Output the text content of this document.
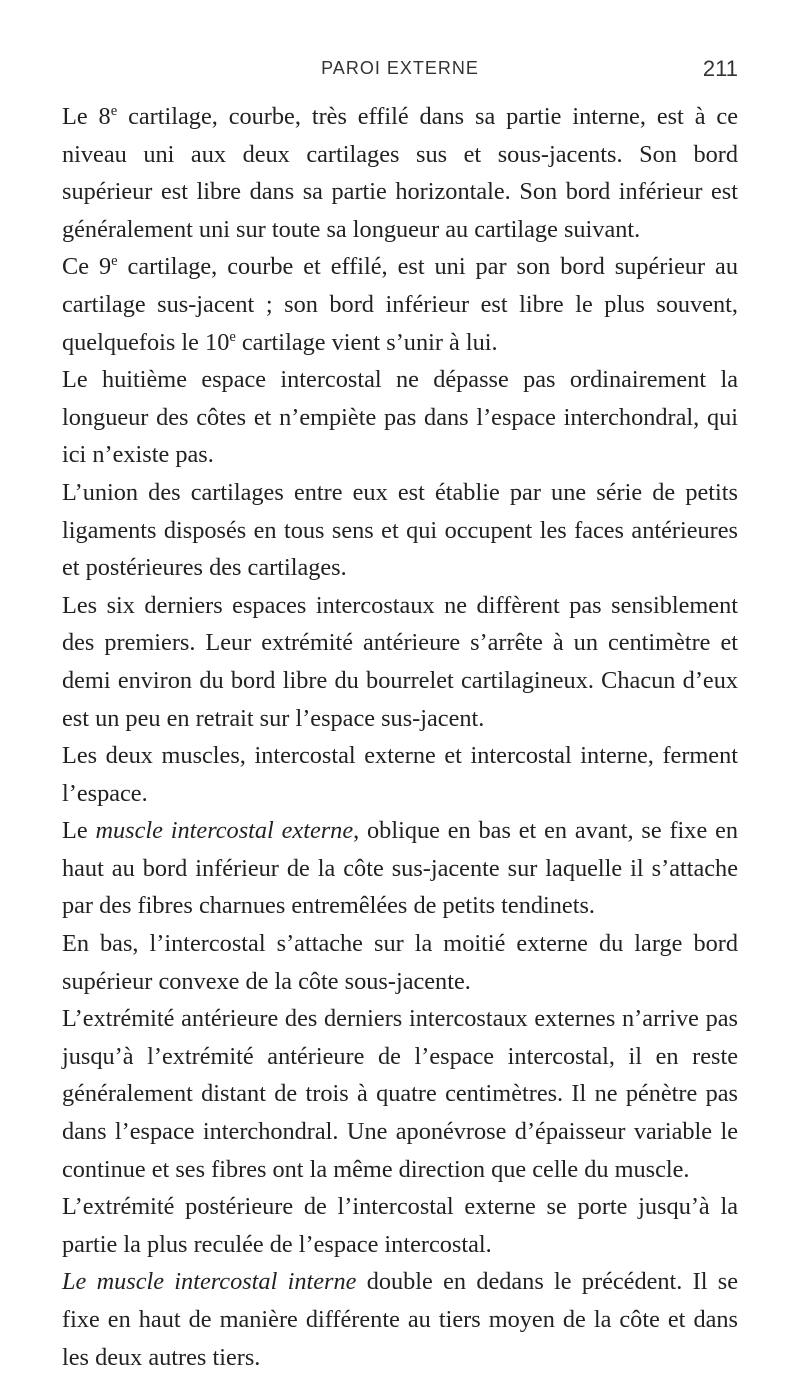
PAROI EXTERNE	211

Le 8e cartilage, courbe, très effilé dans sa partie interne, est à ce niveau uni aux deux cartilages sus et sous-jacents. Son bord supérieur est libre dans sa partie horizontale. Son bord inférieur est généralement uni sur toute sa longueur au cartilage suivant.

Ce 9e cartilage, courbe et effilé, est uni par son bord supérieur au cartilage sus-jacent ; son bord inférieur est libre le plus souvent, quelquefois le 10e cartilage vient s’unir à lui.

Le huitième espace intercostal ne dépasse pas ordinairement la longueur des côtes et n’empiète pas dans l’espace interchondral, qui ici n’existe pas.

L’union des cartilages entre eux est établie par une série de petits ligaments disposés en tous sens et qui occupent les faces antérieures et postérieures des cartilages.

Les six derniers espaces intercostaux ne diffèrent pas sensiblement des premiers. Leur extrémité antérieure s’arrête à un centimètre et demi environ du bord libre du bourrelet cartilagineux. Chacun d’eux est un peu en retrait sur l’espace sus-jacent.

Les deux muscles, intercostal externe et intercostal interne, ferment l’espace.

Le muscle intercostal externe, oblique en bas et en avant, se fixe en haut au bord inférieur de la côte sus-jacente sur laquelle il s’attache par des fibres charnues entremêlées de petits tendinets.

En bas, l’intercostal s’attache sur la moitié externe du large bord supérieur convexe de la côte sous-jacente.

L’extrémité antérieure des derniers intercostaux externes n’arrive pas jusqu’à l’extrémité antérieure de l’espace intercostal, il en reste généralement distant de trois à quatre centimètres. Il ne pénètre pas dans l’espace interchondral. Une aponévrose d’épaisseur variable le continue et ses fibres ont la même direction que celle du muscle.

L’extrémité postérieure de l’intercostal externe se porte jusqu’à la partie la plus reculée de l’espace intercostal.

Le muscle intercostal interne double en dedans le précédent. Il se fixe en haut de manière différente au tiers moyen de la côte et dans les deux autres tiers.
